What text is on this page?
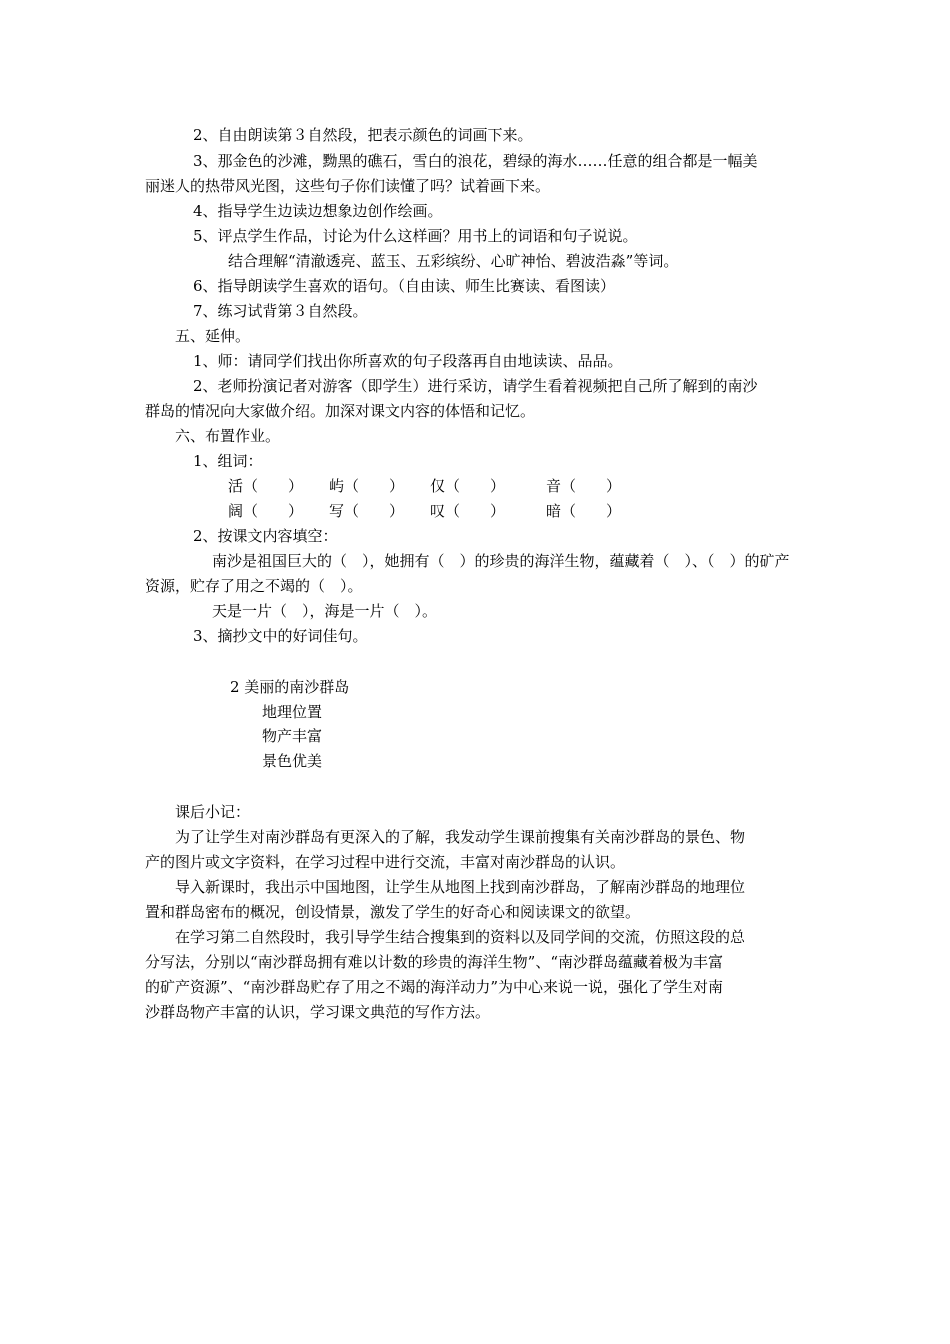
2、自由朗读第３自然段，把表示颜色的词画下来。
3、那金色的沙滩，黝黑的礁石，雪白的浪花，碧绿的海水……任意的组合都是一幅美
丽迷人的热带风光图，这些句子你们读懂了吗？试着画下来。
4、指导学生边读边想象边创作绘画。
5、评点学生作品，讨论为什么这样画？用书上的词语和句子说说。
结合理解“清澈透亮、蓝玉、五彩缤纷、心旷神怡、碧波浩淼”等词。
6、指导朗读学生喜欢的语句。（自由读、师生比赛读、看图读）
7、练习试背第３自然段。
五、延伸。
1、师：请同学们找出你所喜欢的句子段落再自由地读读、品品。
2、老师扮演记者对游客（即学生）进行采访，请学生看着视频把自己所了解到的南沙
群岛的情况向大家做介绍。加深对课文内容的体悟和记忆。
六、布置作业。
1、组词：
活（　　） 屿（　　） 仅（　　）	音（　　）
阔（　　） 写（　　） 叹（　　）	暗（　　）
2、按课文内容填空：
南沙是祖国巨大的（　），她拥有（　）的珍贵的海洋生物，蕴藏着（　）、（　）的矿产
资源，贮存了用之不竭的（　）。
天是一片（　），海是一片（　）。
3、摘抄文中的好词佳句。
2 美丽的南沙群岛
地理位置
物产丰富
景色优美
课后小记：
为了让学生对南沙群岛有更深入的了解，我发动学生课前搜集有关南沙群岛的景色、物
产的图片或文字资料，在学习过程中进行交流，丰富对南沙群岛的认识。
导入新课时，我出示中国地图，让学生从地图上找到南沙群岛，了解南沙群岛的地理位
置和群岛密布的概况，创设情景，激发了学生的好奇心和阅读课文的欲望。
在学习第二自然段时，我引导学生结合搜集到的资料以及同学间的交流，仿照这段的总
分写法，分别以“南沙群岛拥有难以计数的珍贵的海洋生物”、“南沙群岛蕴藏着极为丰富
的矿产资源”、“南沙群岛贮存了用之不竭的海洋动力”为中心来说一说，强化了学生对南
沙群岛物产丰富的认识，学习课文典范的写作方法。
